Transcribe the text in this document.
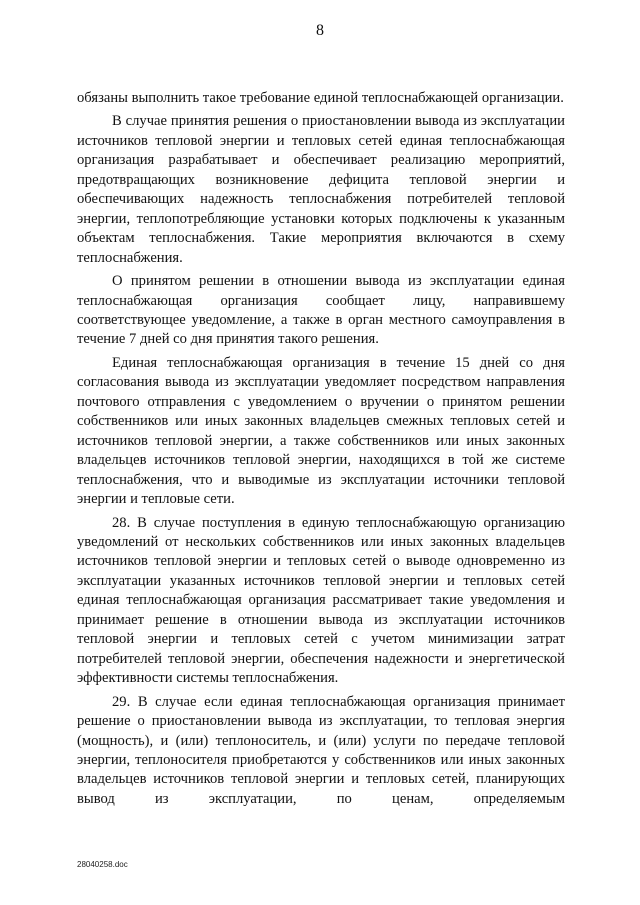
8

обязаны выполнить такое требование единой теплоснабжающей организации.

В случае принятия решения о приостановлении вывода из эксплуатации источников тепловой энергии и тепловых сетей единая теплоснабжающая организация разрабатывает и обеспечивает реализацию мероприятий, предотвращающих возникновение дефицита тепловой энергии и обеспечивающих надежность теплоснабжения потребителей тепловой энергии, теплопотребляющие установки которых подключены к указанным объектам теплоснабжения. Такие мероприятия включаются в схему теплоснабжения.

О принятом решении в отношении вывода из эксплуатации единая теплоснабжающая организация сообщает лицу, направившему соответствующее уведомление, а также в орган местного самоуправления в течение 7 дней со дня принятия такого решения.

Единая теплоснабжающая организация в течение 15 дней со дня согласования вывода из эксплуатации уведомляет посредством направления почтового отправления с уведомлением о вручении о принятом решении собственников или иных законных владельцев смежных тепловых сетей и источников тепловой энергии, а также собственников или иных законных владельцев источников тепловой энергии, находящихся в той же системе теплоснабжения, что и выводимые из эксплуатации источники тепловой энергии и тепловые сети.

28. В случае поступления в единую теплоснабжающую организацию уведомлений от нескольких собственников или иных законных владельцев источников тепловой энергии и тепловых сетей о выводе одновременно из эксплуатации указанных источников тепловой энергии и тепловых сетей единая теплоснабжающая организация рассматривает такие уведомления и принимает решение в отношении вывода из эксплуатации источников тепловой энергии и тепловых сетей с учетом минимизации затрат потребителей тепловой энергии, обеспечения надежности и энергетической эффективности системы теплоснабжения.

29. В случае если единая теплоснабжающая организация принимает решение о приостановлении вывода из эксплуатации, то тепловая энергия (мощность), и (или) теплоноситель, и (или) услуги по передаче тепловой энергии, теплоносителя приобретаются у собственников или иных законных владельцев источников тепловой энергии и тепловых сетей, планирующих вывод из эксплуатации, по ценам, определяемым

28040258.doc
